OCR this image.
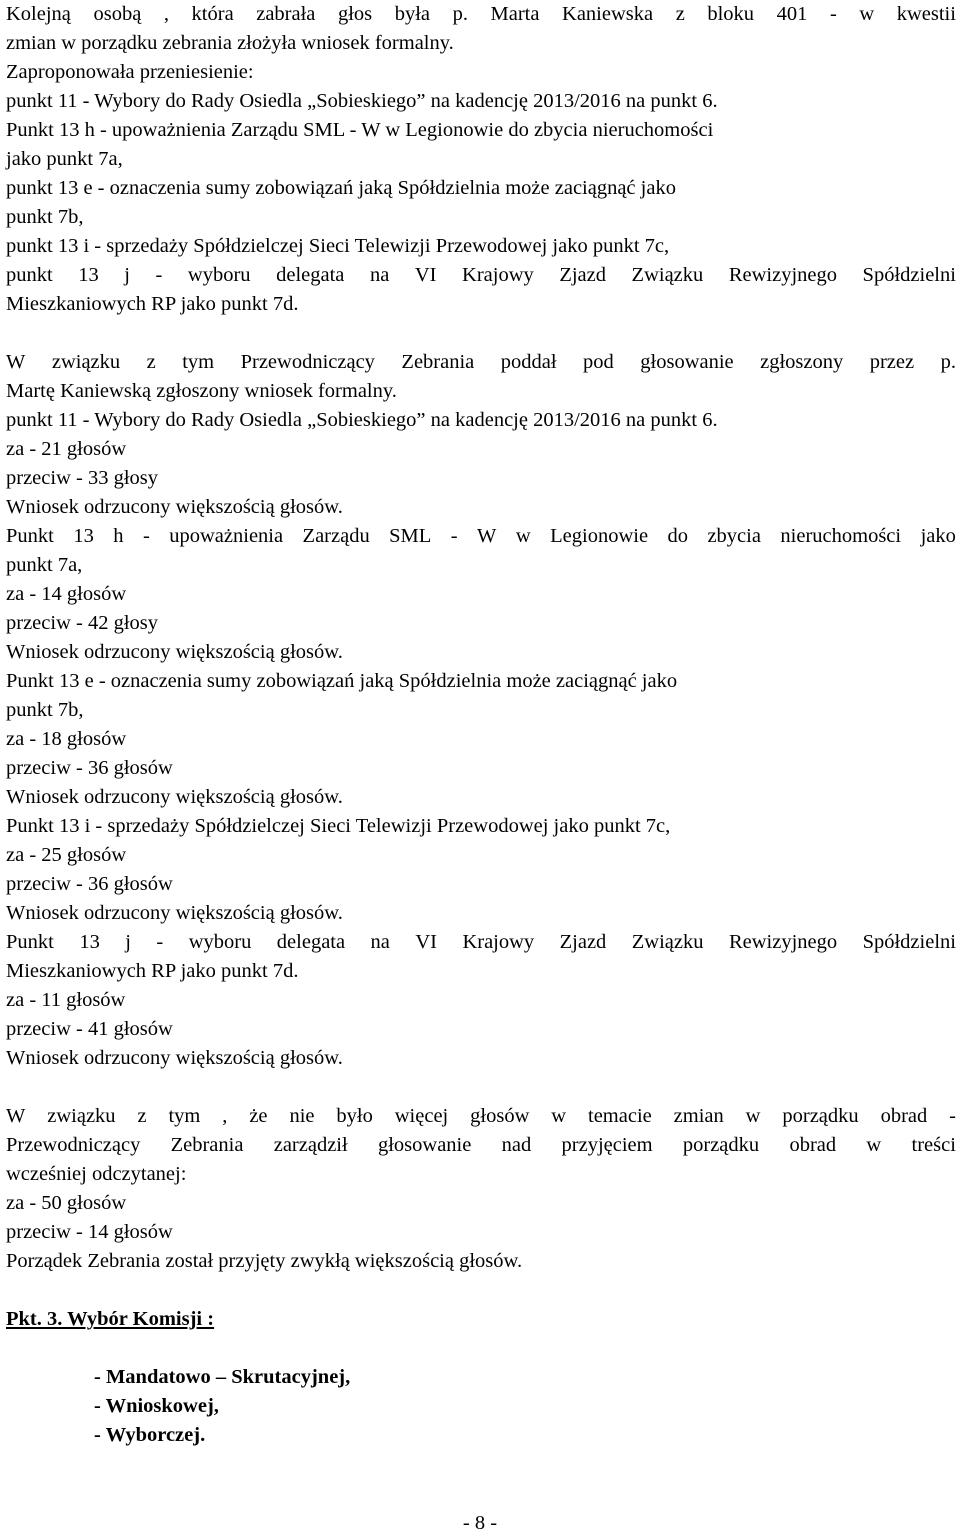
Kolejną osobą , która zabrała głos była p. Marta Kaniewska z bloku 401 - w kwestii
zmian w porządku zebrania złożyła wniosek formalny.
Zaproponowała przeniesienie:
punkt 11 - Wybory do Rady Osiedla „Sobieskiego” na kadencję 2013/2016 na punkt 6.
Punkt 13 h - upoważnienia Zarządu SML - W w Legionowie do zbycia nieruchomości
jako punkt 7a,
punkt 13 e - oznaczenia sumy zobowiązań jaką Spółdzielnia może zaciągnąć jako
punkt 7b,
punkt 13 i - sprzedaży Spółdzielczej Sieci Telewizji Przewodowej jako punkt 7c,
punkt 13 j - wyboru delegata na VI Krajowy Zjazd Związku Rewizyjnego Spółdzielni
Mieszkaniowych RP jako punkt 7d.
W związku z tym Przewodniczący Zebrania poddał pod głosowanie zgłoszony przez p.
Martę Kaniewską zgłoszony wniosek formalny.
punkt 11 - Wybory do Rady Osiedla „Sobieskiego” na kadencję 2013/2016 na punkt 6.
za - 21 głosów
przeciw - 33 głosy
Wniosek odrzucony większością głosów.
Punkt 13 h - upoważnienia Zarządu SML - W w Legionowie do zbycia nieruchomości jako
punkt 7a,
za - 14 głosów
przeciw - 42 głosy
Wniosek odrzucony większością głosów.
Punkt 13 e - oznaczenia sumy zobowiązań jaką Spółdzielnia może zaciągnąć jako
punkt 7b,
za - 18 głosów
przeciw - 36 głosów
Wniosek odrzucony większością głosów.
Punkt 13 i - sprzedaży Spółdzielczej Sieci Telewizji Przewodowej jako punkt 7c,
za - 25 głosów
przeciw - 36 głosów
Wniosek odrzucony większością głosów.
Punkt 13 j - wyboru delegata na VI Krajowy Zjazd Związku Rewizyjnego Spółdzielni
Mieszkaniowych RP jako punkt 7d.
za - 11 głosów
przeciw - 41 głosów
Wniosek odrzucony większością głosów.
W związku z tym , że nie było więcej głosów w temacie zmian w porządku obrad -
Przewodniczący Zebrania zarządził głosowanie nad przyjęciem porządku obrad w treści
wcześniej odczytanej:
za - 50 głosów
przeciw - 14 głosów
Porządek Zebrania został przyjęty zwykłą większością głosów.
Pkt. 3. Wybór Komisji :
- Mandatowo – Skrutacyjnej,
- Wnioskowej,
- Wyborczej.
- 8 -
